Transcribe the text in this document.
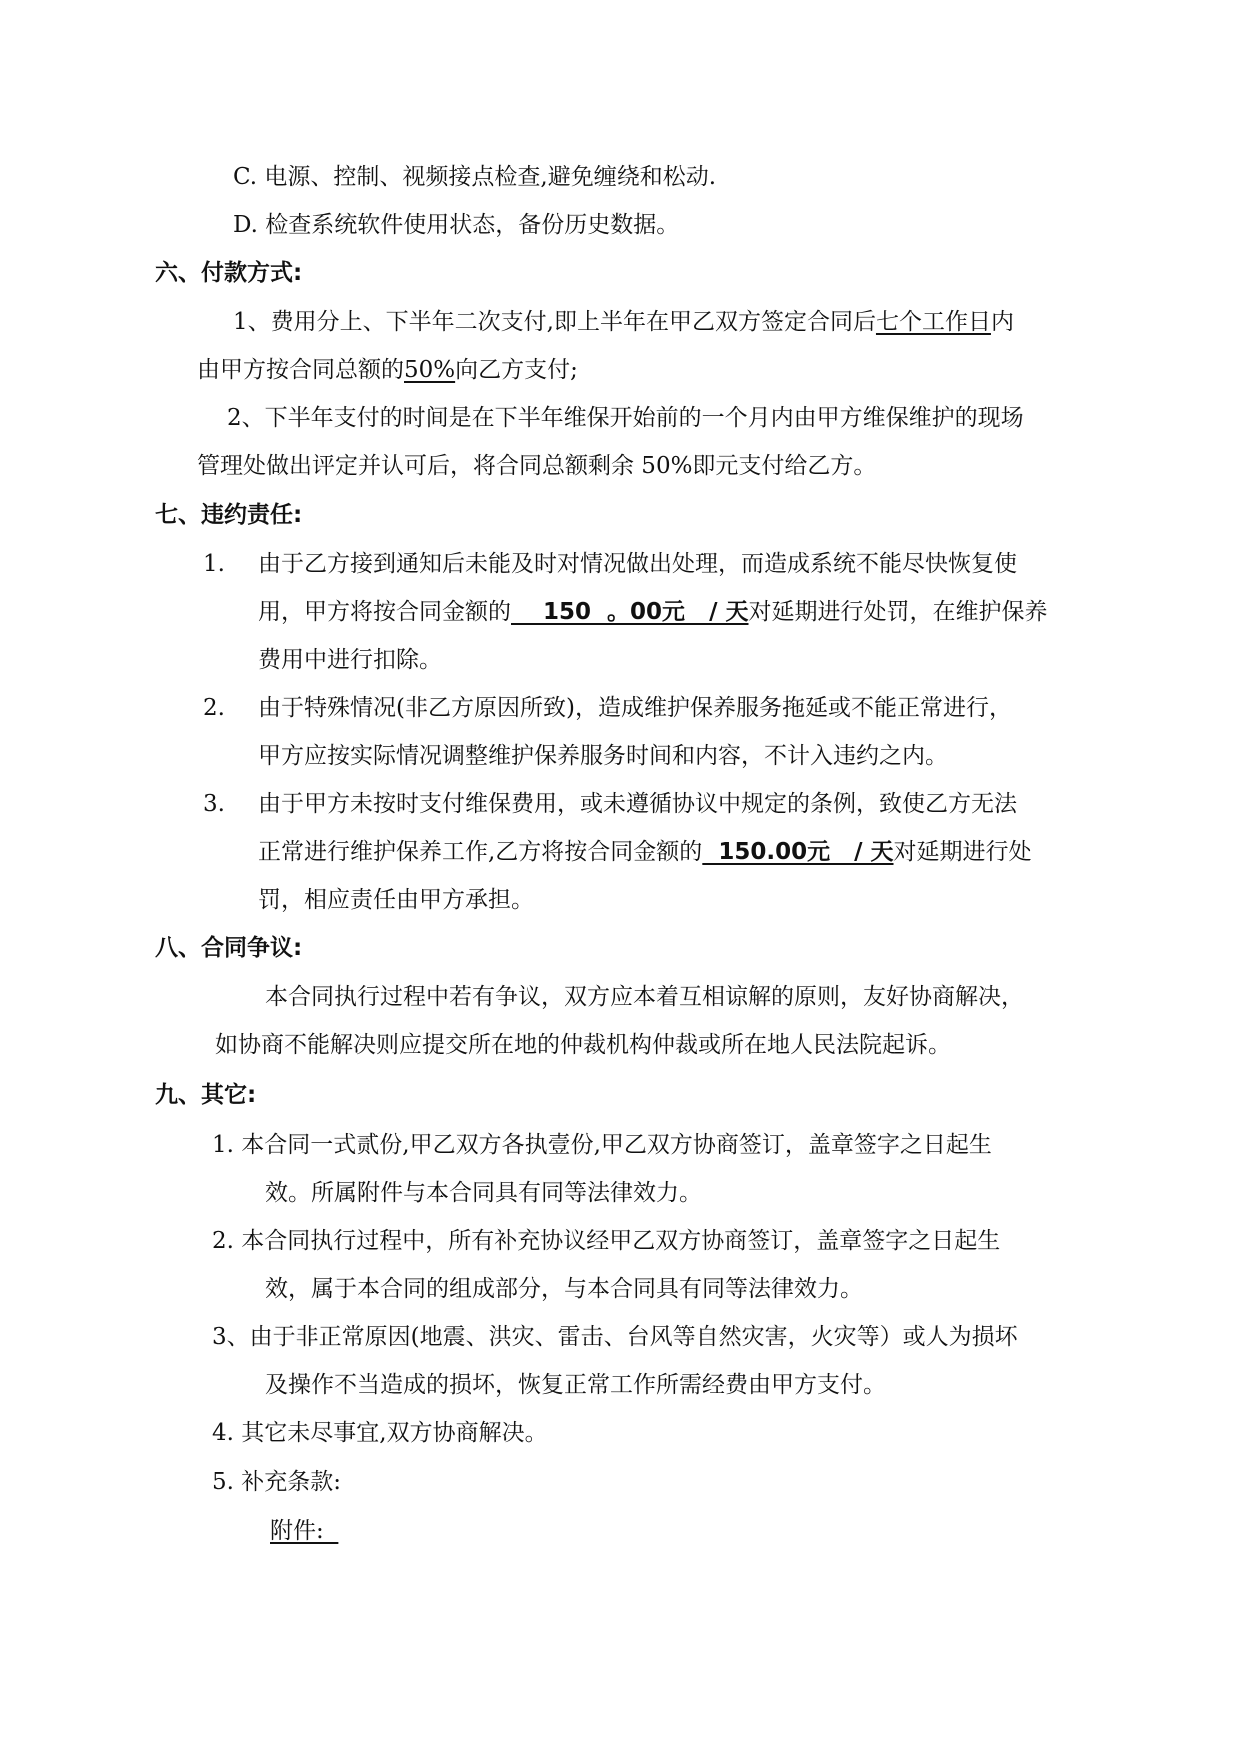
C. 电源、控制、视频接点检查,避免缠绕和松动.
D. 检查系统软件使用状态，备份历史数据。
六、付款方式:
1、费用分上、下半年二次支付,即上半年在甲乙双方签定合同后七个工作日内
由甲方按合同总额的50%向乙方支付;
2、下半年支付的时间是在下半年维保开始前的一个月内由甲方维保维护的现场
管理处做出评定并认可后，将合同总额剩余 50%即元支付给乙方。
七、违约责任:
1. 由于乙方接到通知后未能及时对情况做出处理，而造成系统不能尽快恢复使
用，甲方将按合同金额的    150  。00元   / 天对延期进行处罚，在维护保养
费用中进行扣除。
2. 由于特殊情况(非乙方原因所致)，造成维护保养服务拖延或不能正常进行，
甲方应按实际情况调整维护保养服务时间和内容，不计入违约之内。
3. 由于甲方未按时支付维保费用，或未遵循协议中规定的条例，致使乙方无法
正常进行维护保养工作,乙方将按合同金额的  150.00元   / 天对延期进行处
罚，相应责任由甲方承担。
八、合同争议:
本合同执行过程中若有争议，双方应本着互相谅解的原则，友好协商解决，
如协商不能解决则应提交所在地的仲裁机构仲裁或所在地人民法院起诉。
九、其它:
1. 本合同一式贰份,甲乙双方各执壹份,甲乙双方协商签订，盖章签字之日起生
效。所属附件与本合同具有同等法律效力。
2. 本合同执行过程中，所有补充协议经甲乙双方协商签订，盖章签字之日起生
效，属于本合同的组成部分，与本合同具有同等法律效力。
3、由于非正常原因(地震、洪灾、雷击、台风等自然灾害，火灾等）或人为损坏
及操作不当造成的损坏，恢复正常工作所需经费由甲方支付。
4. 其它未尽事宜,双方协商解决。
5. 补充条款:
附件:
